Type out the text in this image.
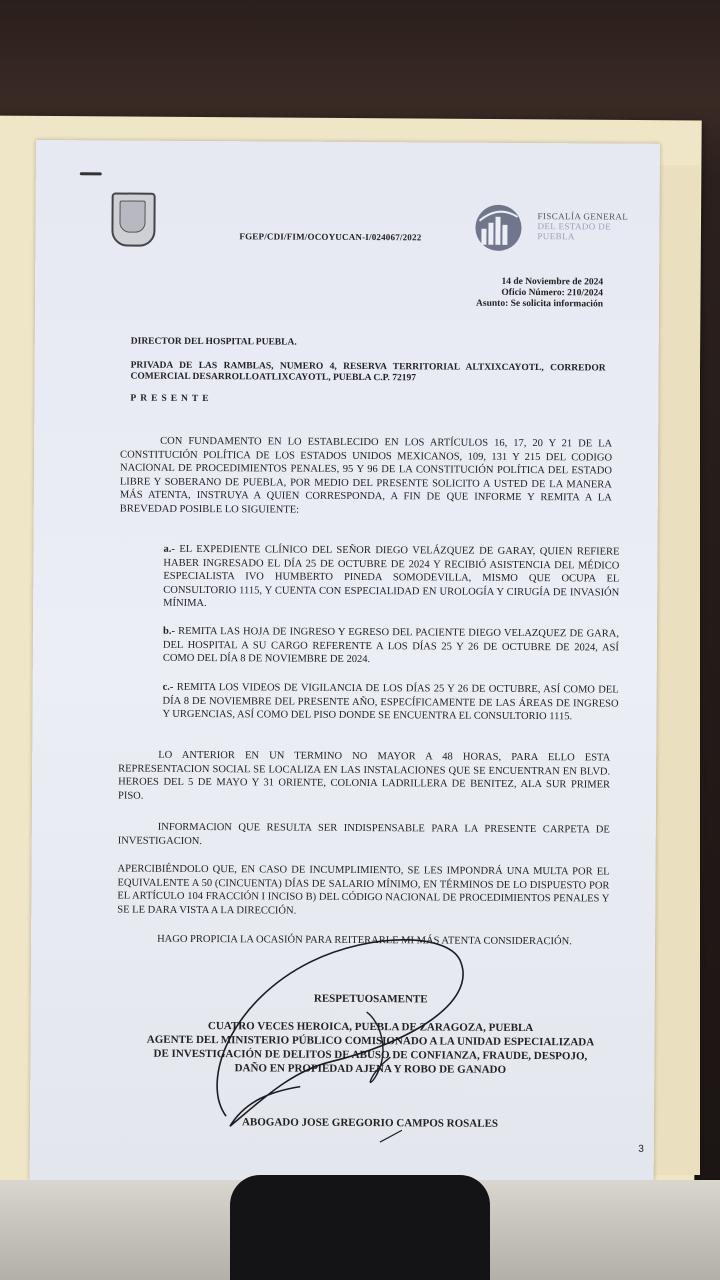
FGEP/CDI/FIM/OCOYUCAN-I/024067/2022
FISCALÍA GENERAL
DEL ESTADO DE
PUEBLA
14 de Noviembre de 2024
Oficio Número: 210/2024
Asunto: Se solicita información
DIRECTOR DEL HOSPITAL PUEBLA.
PRIVADA DE LAS RAMBLAS, NUMERO 4, RESERVA TERRITORIAL ALTXIXCAYOTL, CORREDOR COMERCIAL DESARROLLOATLIXCAYOTL, PUEBLA C.P. 72197
PRESENTE
CON FUNDAMENTO EN LO ESTABLECIDO EN LOS ARTÍCULOS 16, 17, 20 Y 21 DE LA CONSTITUCIÓN POLÍTICA DE LOS ESTADOS UNIDOS MEXICANOS, 109, 131 Y 215 DEL CODIGO NACIONAL DE PROCEDIMIENTOS PENALES, 95 Y 96 DE LA CONSTITUCIÓN POLÍTICA DEL ESTADO LIBRE Y SOBERANO DE PUEBLA, POR MEDIO DEL PRESENTE SOLICITO A USTED DE LA MANERA MÁS ATENTA, INSTRUYA A QUIEN CORRESPONDA, A FIN DE QUE INFORME Y REMITA A LA BREVEDAD POSIBLE LO SIGUIENTE:
a.- EL EXPEDIENTE CLÍNICO DEL SEÑOR DIEGO VELÁZQUEZ DE GARAY, QUIEN REFIERE HABER INGRESADO EL DÍA 25 DE OCTUBRE DE 2024 Y RECIBIÓ ASISTENCIA DEL MÉDICO ESPECIALISTA IVO HUMBERTO PINEDA SOMODEVILLA, MISMO QUE OCUPA EL CONSULTORIO 1115, Y CUENTA CON ESPECIALIDAD EN UROLOGÍA Y CIRUGÍA DE INVASIÓN MÍNIMA.
b.- REMITA LAS HOJA DE INGRESO Y EGRESO DEL PACIENTE DIEGO VELAZQUEZ DE GARA, DEL HOSPITAL A SU CARGO REFERENTE A LOS DÍAS 25 Y 26 DE OCTUBRE DE 2024, ASÍ COMO DEL DÍA 8 DE NOVIEMBRE DE 2024.
c.- REMITA LOS VIDEOS DE VIGILANCIA DE LOS DÍAS 25 Y 26 DE OCTUBRE, ASÍ COMO DEL DÍA 8 DE NOVIEMBRE DEL PRESENTE AÑO, ESPECÍFICAMENTE DE LAS ÁREAS DE INGRESO Y URGENCIAS, ASÍ COMO DEL PISO DONDE SE ENCUENTRA EL CONSULTORIO 1115.
LO ANTERIOR EN UN TERMINO NO MAYOR A 48 HORAS, PARA ELLO ESTA REPRESENTACION SOCIAL SE LOCALIZA EN LAS INSTALACIONES QUE SE ENCUENTRAN EN BLVD. HEROES DEL 5 DE MAYO Y 31 ORIENTE, COLONIA LADRILLERA DE BENITEZ, ALA SUR PRIMER PISO.
INFORMACION QUE RESULTA SER INDISPENSABLE PARA LA PRESENTE CARPETA DE INVESTIGACION.
APERCIBIÉNDOLO QUE, EN CASO DE INCUMPLIMIENTO, SE LES IMPONDRÁ UNA MULTA POR EL EQUIVALENTE A 50 (CINCUENTA) DÍAS DE SALARIO MÍNIMO, EN TÉRMINOS DE LO DISPUESTO POR EL ARTÍCULO 104 FRACCIÓN I INCISO B) DEL CÓDIGO NACIONAL DE PROCEDIMIENTOS PENALES Y SE LE DARA VISTA A LA DIRECCIÓN.
HAGO PROPICIA LA OCASIÓN PARA REITERARLE MI MÁS ATENTA CONSIDERACIÓN.
RESPETUOSAMENTE
CUATRO VECES HEROICA, PUEBLA DE ZARAGOZA, PUEBLA
AGENTE DEL MINISTERIO PÚBLICO COMISIONADO A LA UNIDAD ESPECIALIZADA
DE INVESTIGACIÓN DE DELITOS DE ABUSO DE CONFIANZA, FRAUDE, DESPOJO,
DAÑO EN PROPIEDAD AJENA Y ROBO DE GANADO
ABOGADO JOSE GREGORIO CAMPOS ROSALES
3
